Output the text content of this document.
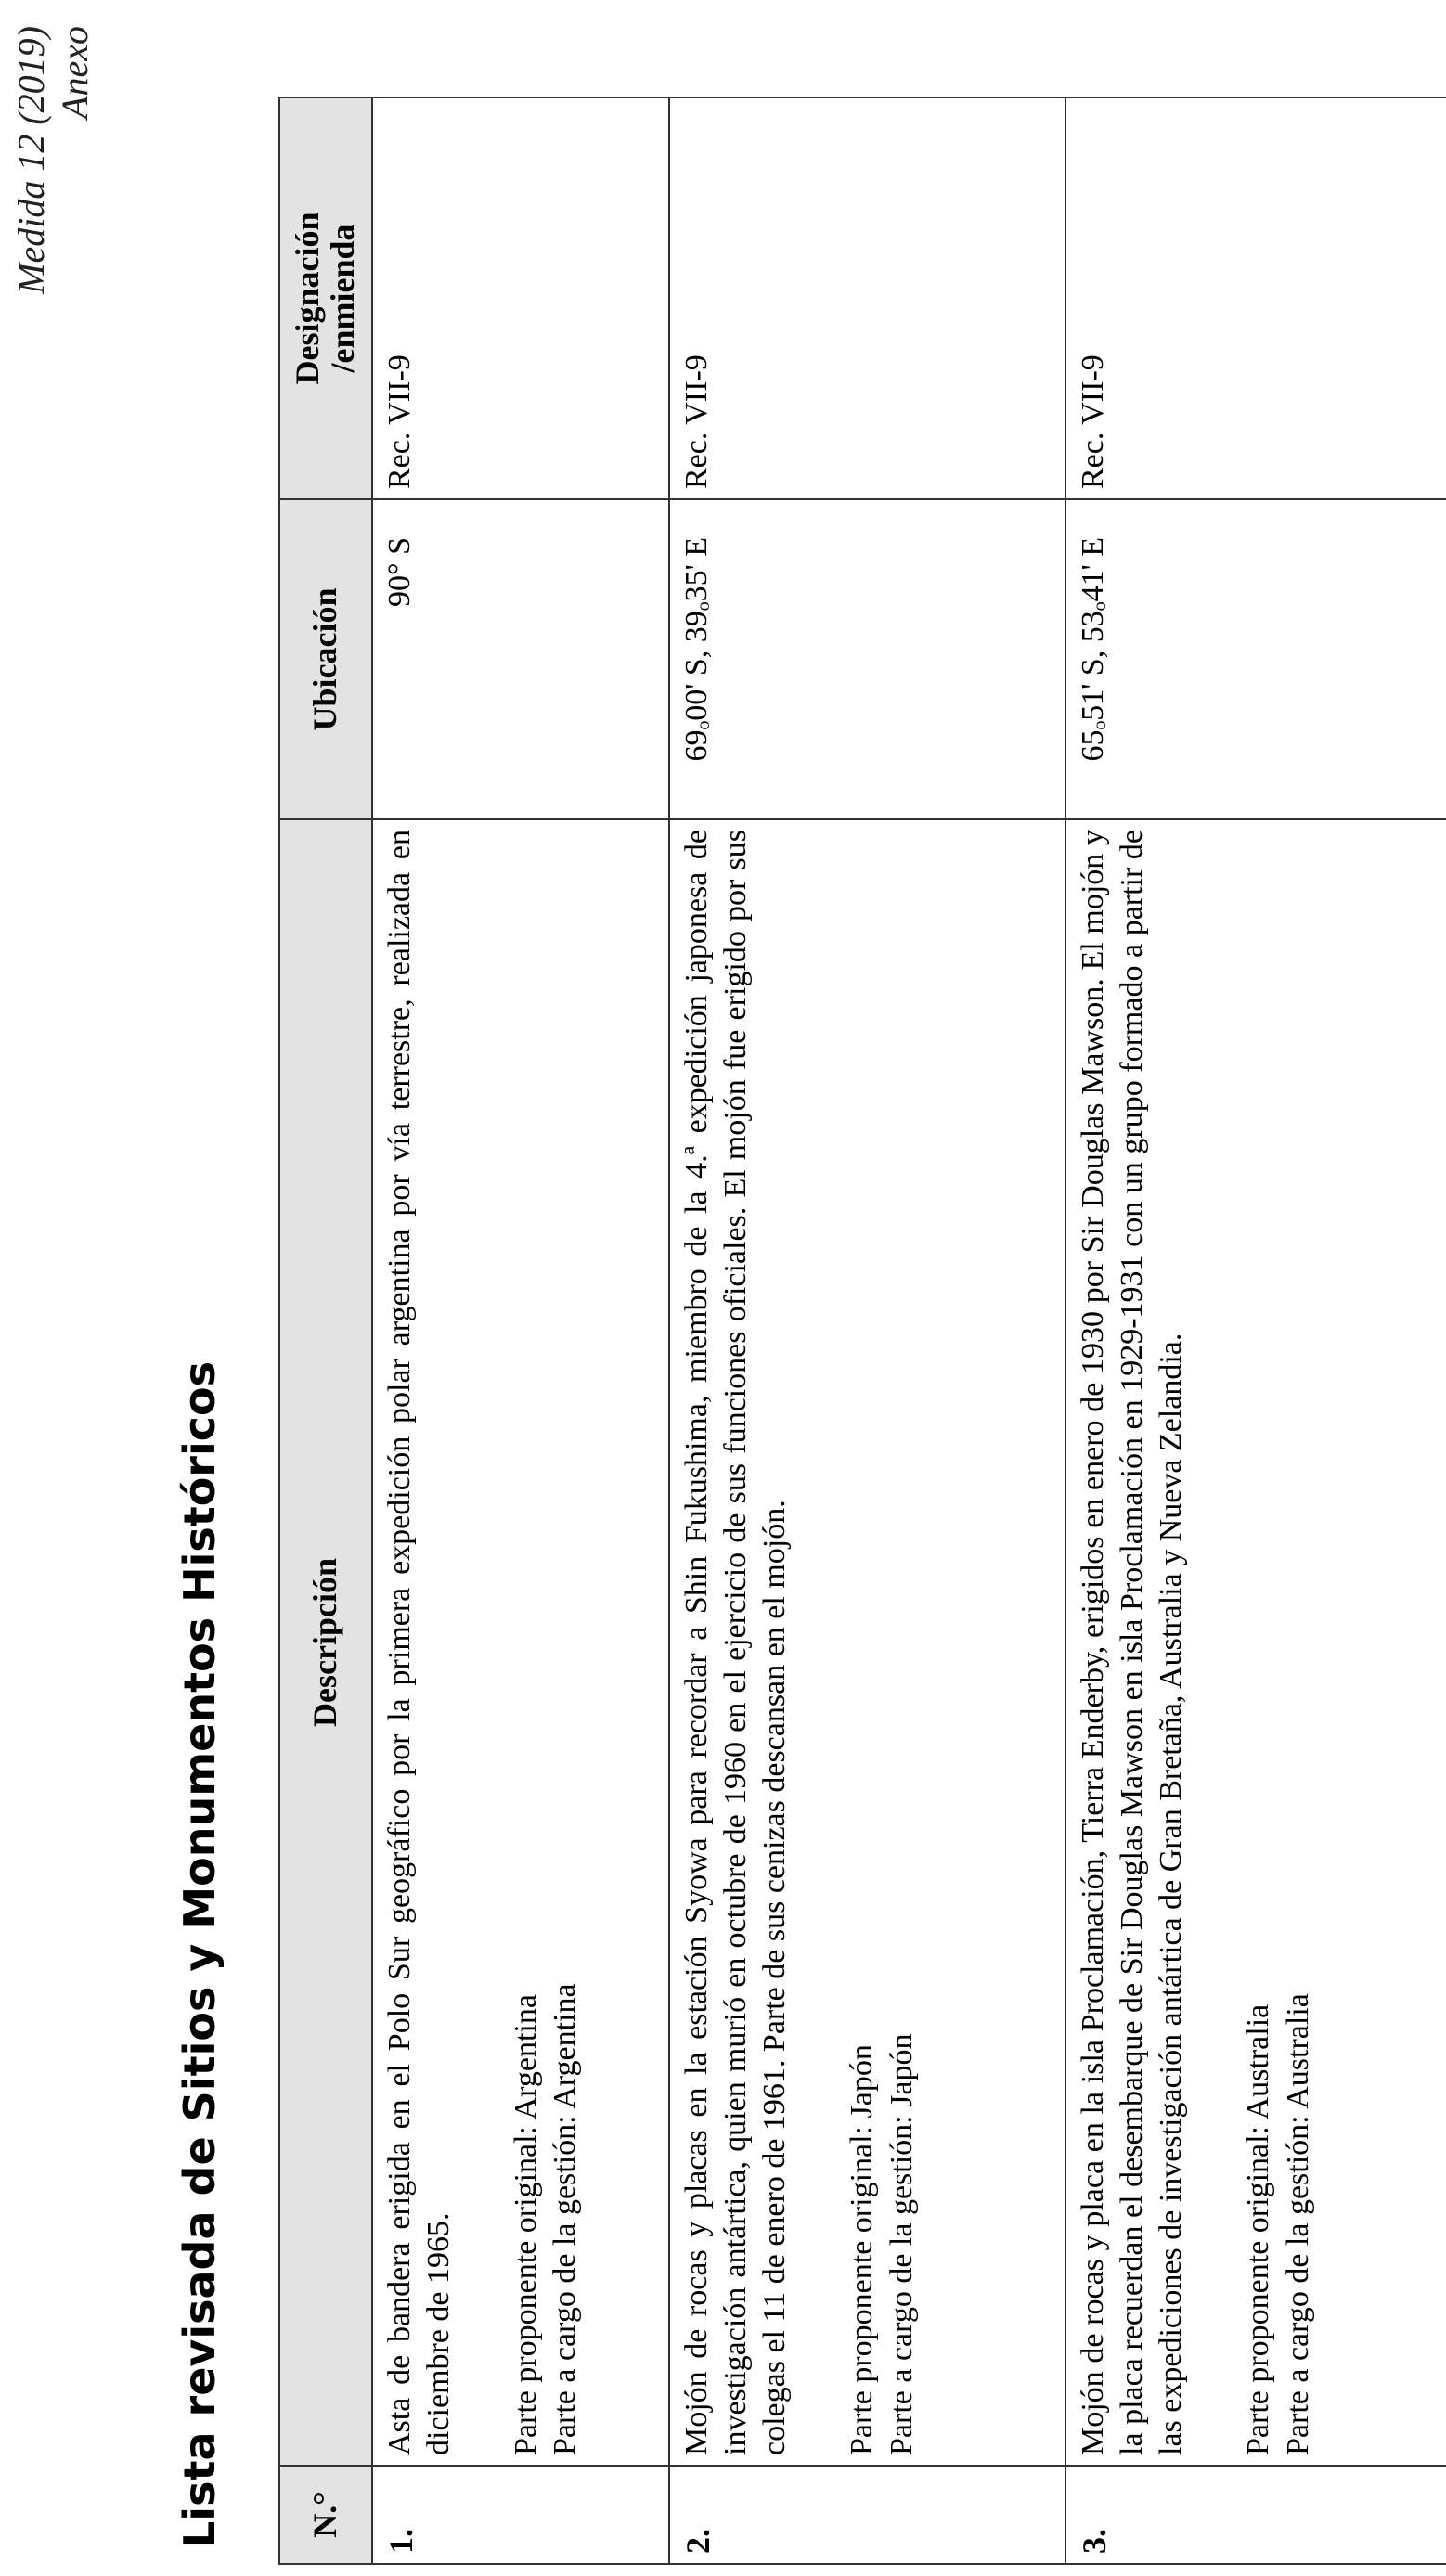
Medida 12 (2019) Anexo
Lista revisada de Sitios y Monumentos Históricos N.°	Descripción	Ubicación	Designación
/enmienda
1.	Asta de bandera erigida en el Polo Sur geográfico por la primera expedición polar argentina por vía terrestre, realizada en diciembre de 1965. Parte proponente original: Argentina Parte a cargo de la gestión: Argentina	90° S	Rec. VII-9
2.	Mojón de rocas y placas en la estación Syowa para recordar a Shin Fukushima, miembro de la 4.ª expedición japonesa de investigación antártica, quien murió en octubre de 1960 en el ejercicio de sus funciones oficiales. El mojón fue erigido por sus colegas el 11 de enero de 1961. Parte de sus cenizas descansan en el mojón. Parte proponente original: Japón Parte a cargo de la gestión: Japón	69ₒ00' S, 39ₒ35' E	Rec. VII-9
3.	Mojón de rocas y placa en la isla Proclamación, Tierra Enderby, erigidos en enero de 1930 por Sir Douglas Mawson. El mojón y la placa recuerdan el desembarque de Sir Douglas Mawson en isla Proclamación en 1929-1931 con un grupo formado a partir de las expediciones de investigación antártica de Gran Bretaña, Australia y Nueva Zelandia. Parte proponente original: Australia Parte a cargo de la gestión: Australia	65ₒ51' S, 53ₒ41' E	Rec. VII-9
